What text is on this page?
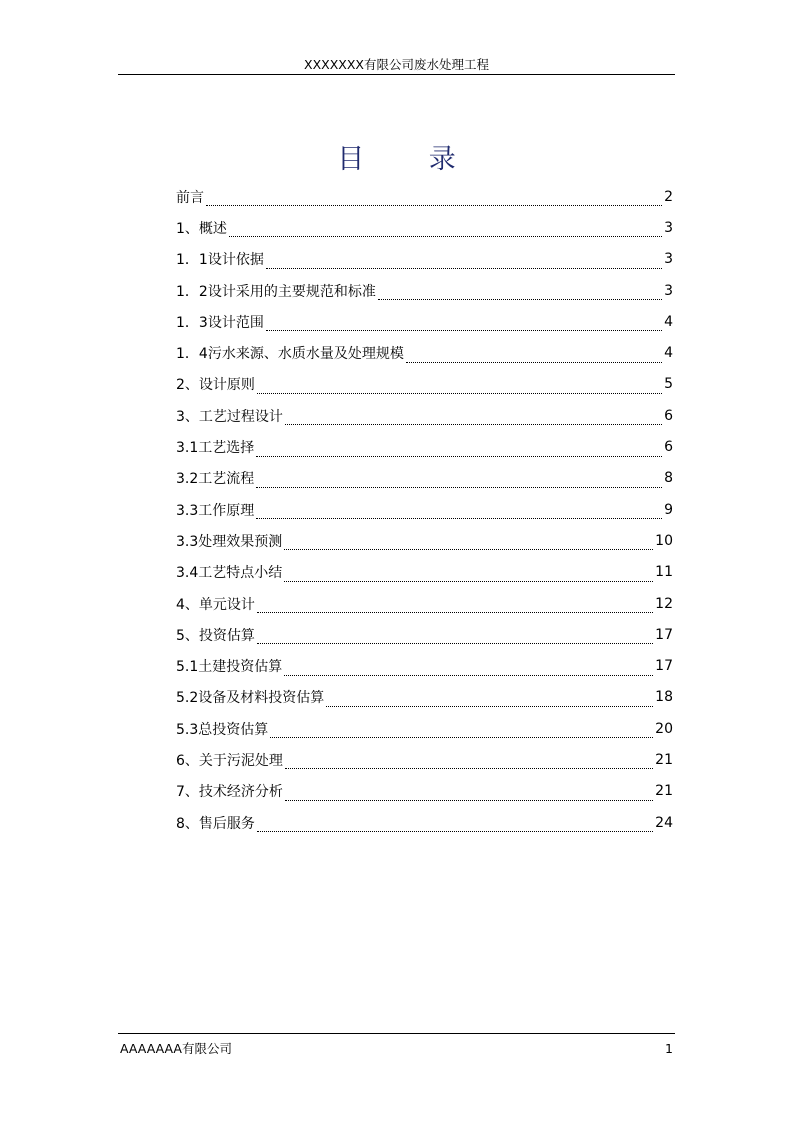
XXXXXXX有限公司废水处理工程
目 录
前言	2
1、概述	3
1．1设计依据	3
1．2设计采用的主要规范和标准	3
1．3设计范围	4
1．4污水来源、水质水量及处理规模	4
2、设计原则	5
3、工艺过程设计	6
3.1工艺选择	6
3.2工艺流程	8
3.3工作原理	9
3.3处理效果预测	10
3.4工艺特点小结	11
4、单元设计	12
5、投资估算	17
5.1土建投资估算	17
5.2设备及材料投资估算	18
5.3总投资估算	20
6、关于污泥处理	21
7、技术经济分析	21
8、售后服务	24
AAAAAAA有限公司	1
